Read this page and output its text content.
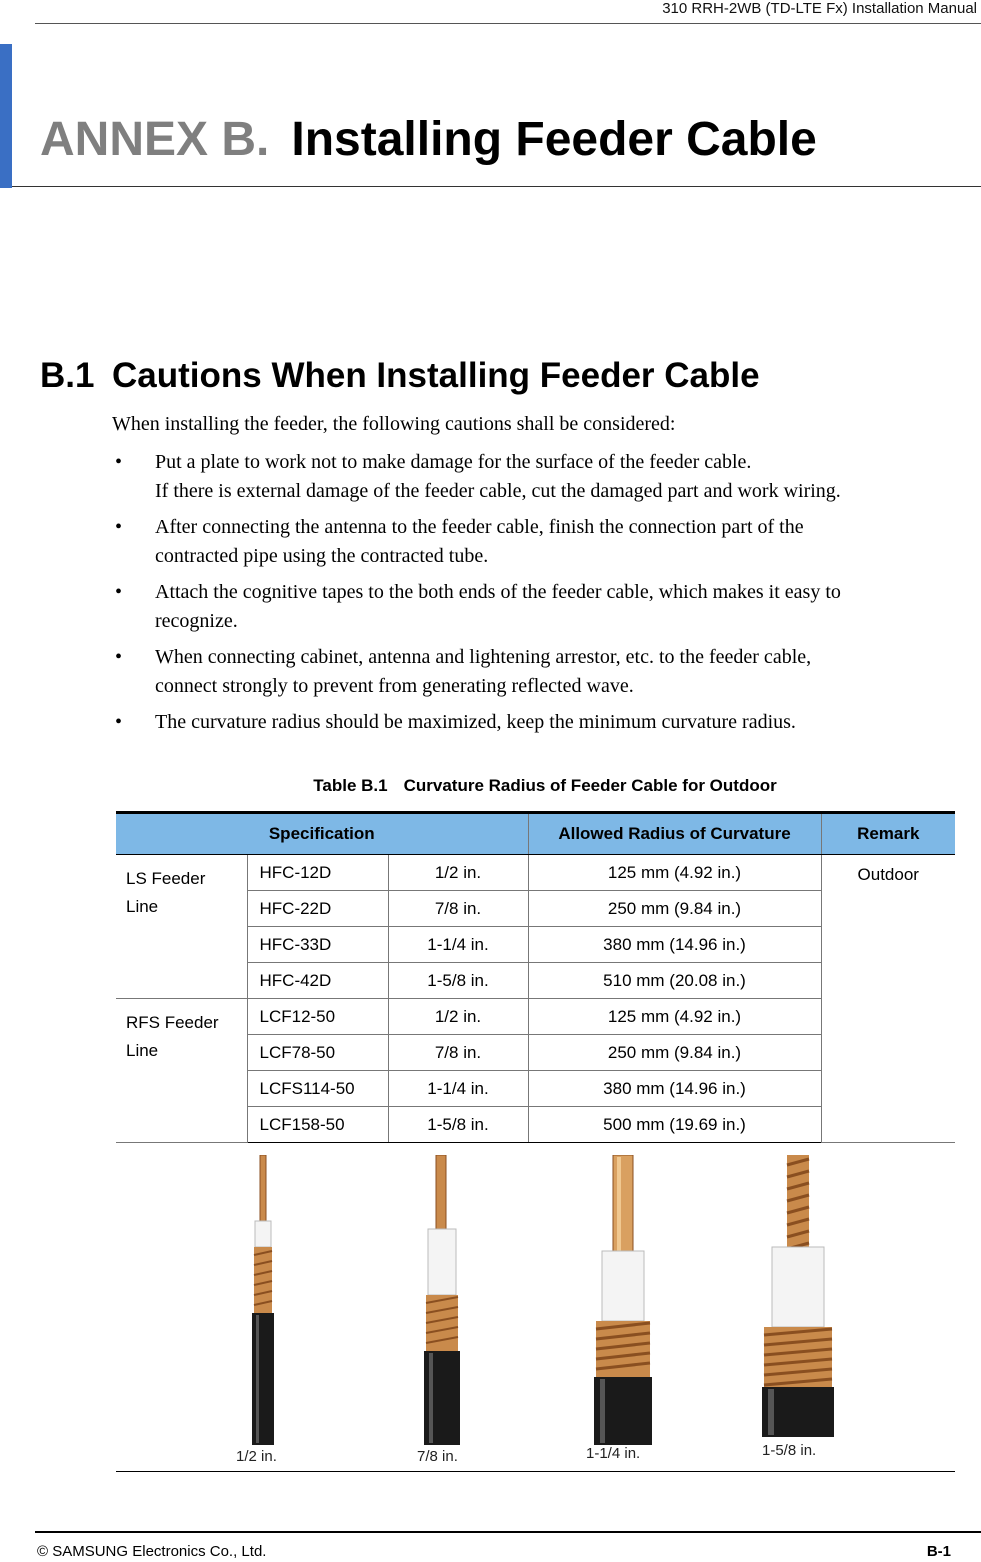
310 RRH-2WB (TD-LTE Fx) Installation Manual
ANNEX B. Installing Feeder Cable
B.1 Cautions When Installing Feeder Cable
When installing the feeder, the following cautions shall be considered:
• Put a plate to work not to make damage for the surface of the feeder cable.
If there is external damage of the feeder cable, cut the damaged part and work wiring.
• After connecting the antenna to the feeder cable, finish the connection part of the
contracted pipe using the contracted tube.
• Attach the cognitive tapes to the both ends of the feeder cable, which makes it easy to
recognize.
• When connecting cabinet, antenna and lightening arrestor, etc. to the feeder cable,
connect strongly to prevent from generating reflected wave.
• The curvature radius should be maximized, keep the minimum curvature radius.
Table B.1 Curvature Radius of Feeder Cable for Outdoor
Specification			Allowed Radius of Curvature	Remark

LS Feeder
Line	HFC-12D	1/2 in.	125 mm (4.92 in.)	Outdoor
	HFC-22D	7/8 in.	250 mm (9.84 in.)	
	HFC-33D	1-1/4 in.	380 mm (14.96 in.)	
	HFC-42D	1-5/8 in.	510 mm (20.08 in.)	

RFS Feeder
Line	LCF12-50	1/2 in.	125 mm (4.92 in.)	
	LCF78-50	7/8 in.	250 mm (9.84 in.)	
	LCFS114-50	1-1/4 in.	380 mm (14.96 in.)	
	LCF158-50	1-5/8 in.	500 mm (19.69 in.)	
1/2 in.	7/8 in.	1-1/4 in.	1-5/8 in.
© SAMSUNG Electronics Co., Ltd.	B-1
